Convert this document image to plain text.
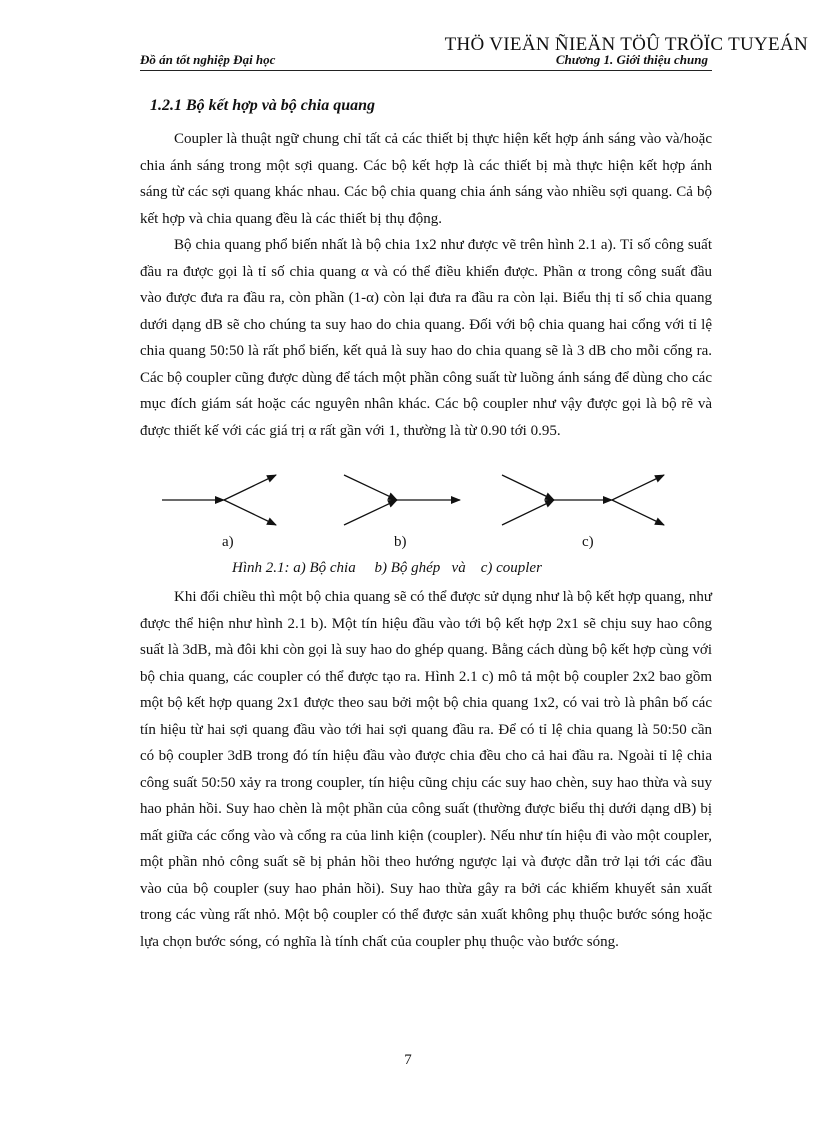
THÖ VIEÄN ÑIEÄN TÖÛ TRÖÏC TUYEÁN
Đồ án tốt nghiệp Đại học	Chương 1. Giới thiệu chung
1.2.1 Bộ kết hợp và bộ chia quang

Coupler là thuật ngữ chung chỉ tất cả các thiết bị thực hiện kết hợp ánh sáng vào và/hoặc chia ánh sáng trong một sợi quang. Các bộ kết hợp là các thiết bị mà thực hiện kết hợp ánh sáng từ các sợi quang khác nhau. Các bộ chia quang chia ánh sáng vào nhiều sợi quang. Cả bộ kết hợp và chia quang đều là các thiết bị thụ động.

Bộ chia quang phổ biến nhất là bộ chia 1x2 như được vẽ trên hình 2.1 a). Tỉ số công suất đầu ra được gọi là tỉ số chia quang α và có thể điều khiển được. Phần α trong công suất đầu vào được đưa ra đầu ra, còn phần (1-α) còn lại đưa ra đầu ra còn lại. Biểu thị tỉ số chia quang dưới dạng dB sẽ cho chúng ta suy hao do chia quang. Đối với bộ chia quang hai cổng với tỉ lệ chia quang 50:50 là rất phổ biến, kết quả là suy hao do chia quang sẽ là 3 dB cho mỗi cổng ra. Các bộ coupler cũng được dùng để tách một phần công suất từ luồng ánh sáng để dùng cho các mục đích giám sát hoặc các nguyên nhân khác. Các bộ coupler như vậy được gọi là bộ rẽ và được thiết kế với các giá trị α rất gần với 1, thường là từ 0.90 tới 0.95.

a)	b)	c)
Hình 2.1: a) Bộ chia     b) Bộ ghép   và    c) coupler

Khi đổi chiều thì một bộ chia quang sẽ có thể được sử dụng như là bộ kết hợp quang, như được thể hiện như hình 2.1 b). Một tín hiệu đầu vào tới bộ kết hợp 2x1 sẽ chịu suy hao công suất là 3dB, mà đôi khi còn gọi là suy hao do ghép quang. Bằng cách dùng bộ kết hợp cùng với bộ chia quang, các coupler có thể được tạo ra. Hình 2.1 c) mô tả một bộ coupler 2x2 bao gồm một bộ kết hợp quang 2x1 được theo sau bởi một bộ chia quang 1x2, có vai trò là phân bố các tín hiệu từ hai sợi quang đầu vào tới hai sợi quang đầu ra. Để có tỉ lệ chia quang là 50:50 cần có bộ coupler 3dB trong đó tín hiệu đầu vào được chia đều cho cả hai đầu ra. Ngoài tỉ lệ chia công suất 50:50 xảy ra trong coupler, tín hiệu cũng chịu các suy hao chèn, suy hao thừa và suy hao phản hồi. Suy hao chèn là một phần của công suất (thường được biểu thị dưới dạng dB) bị mất giữa các cổng vào và cổng ra của linh kiện (coupler). Nếu như tín hiệu đi vào một coupler, một phần nhỏ công suất sẽ bị phản hồi theo hướng ngược lại và được dẫn trở lại tới các đầu vào của bộ coupler (suy hao phản hồi). Suy hao thừa gây ra bởi các khiếm khuyết sản xuất trong các vùng rất nhỏ. Một bộ coupler có thể được sản xuất không phụ thuộc bước sóng hoặc lựa chọn bước sóng, có nghĩa là tính chất của coupler phụ thuộc vào bước sóng.

7
